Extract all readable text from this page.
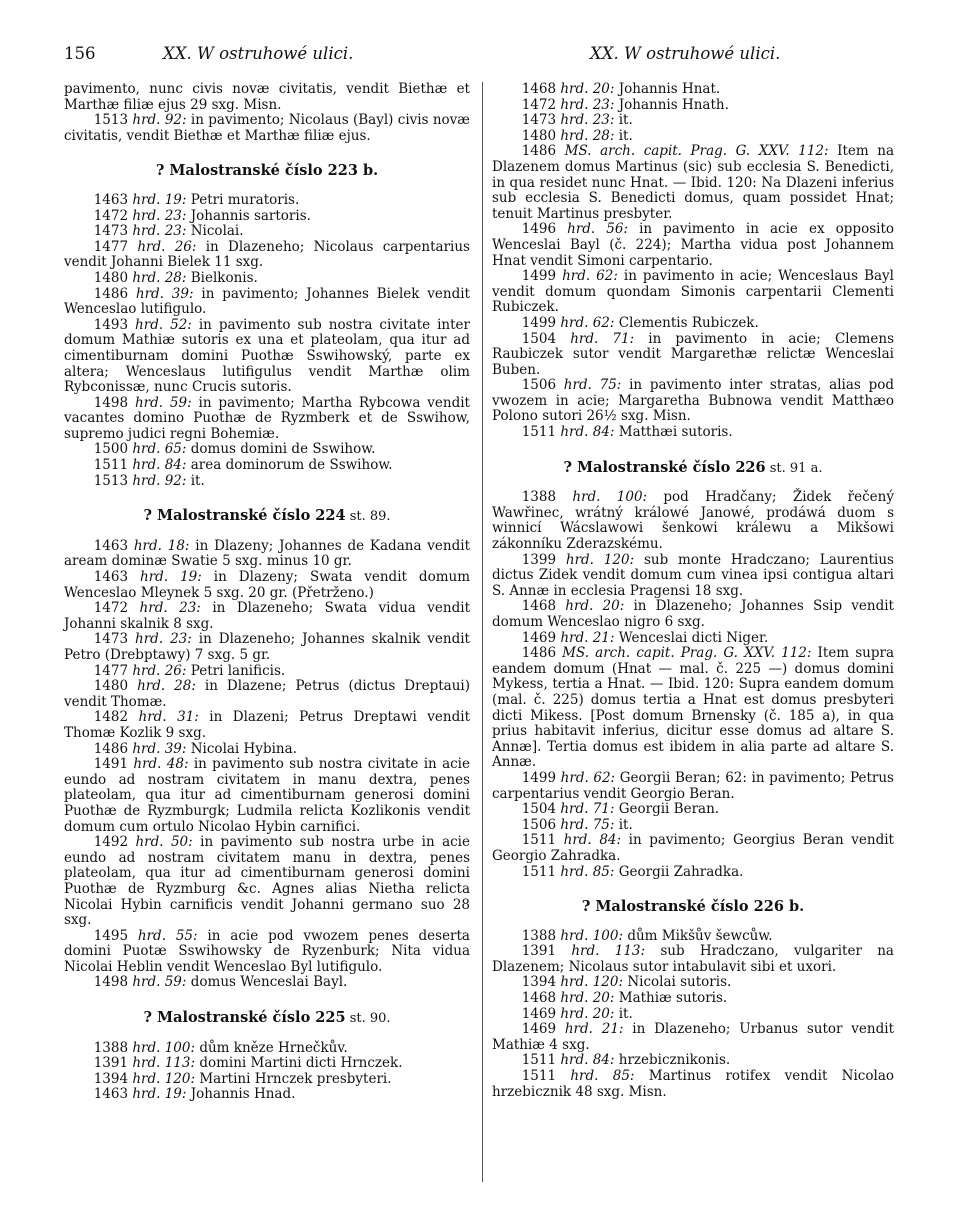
156	XX. W ostruhowé ulici.	XX. W ostruhowé ulici.

pavimento, nunc civis novæ civitatis, vendit Biethæ et Marthæ filiæ ejus 29 sxg. Misn.

1513 hrd. 92: in pavimento; Nicolaus (Bayl) civis novæ civitatis, vendit Biethæ et Marthæ filiæ ejus.

? Malostranské číslo 223 b.

1463 hrd. 19: Petri muratoris.

1472 hrd. 23: Johannis sartoris.

1473 hrd. 23: Nicolai.

1477 hrd. 26: in Dlazeneho; Nicolaus carpentarius vendit Johanni Bielek 11 sxg.

1480 hrd. 28: Bielkonis.

1486 hrd. 39: in pavimento; Johannes Bielek vendit Wenceslao lutifigulo.

1493 hrd. 52: in pavimento sub nostra civitate inter domum Mathiæ sutoris ex una et plateolam, qua itur ad cimentiburnam domini Puothæ Sswihowský, parte ex altera; Wenceslaus lutifigulus vendit Marthæ olim Rybconissæ, nunc Crucis sutoris.

1498 hrd. 59: in pavimento; Martha Rybcowa vendit vacantes domino Puothæ de Ryzmberk et de Sswihow, supremo judici regni Bohemiæ.

1500 hrd. 65: domus domini de Sswihow.

1511 hrd. 84: area dominorum de Sswihow.

1513 hrd. 92: it.

? Malostranské číslo 224 st. 89.

1463 hrd. 18: in Dlazeny; Johannes de Kadana vendit aream dominæ Swatie 5 sxg. minus 10 gr.

1463 hrd. 19: in Dlazeny; Swata vendit domum Wenceslao Mleynek 5 sxg. 20 gr. (Přetrženo.)

1472 hrd. 23: in Dlazeneho; Swata vidua vendit Johanni skalnik 8 sxg.

1473 hrd. 23: in Dlazeneho; Johannes skalnik vendit Petro (Drebptawy) 7 sxg. 5 gr.

1477 hrd. 26: Petri lanificis.

1480 hrd. 28: in Dlazene; Petrus (dictus Dreptaui) vendit Thomæ.

1482 hrd. 31: in Dlazeni; Petrus Dreptawi vendit Thomæ Kozlik 9 sxg.

1486 hrd. 39: Nicolai Hybina.

1491 hrd. 48: in pavimento sub nostra civitate in acie eundo ad nostram civitatem in manu dextra, penes plateolam, qua itur ad cimentiburnam generosi domini Puothæ de Ryzmburgk; Ludmila relicta Kozlikonis vendit domum cum ortulo Nicolao Hybin carnifici.

1492 hrd. 50: in pavimento sub nostra urbe in acie eundo ad nostram civitatem manu in dextra, penes plateolam, qua itur ad cimentiburnam generosi domini Puothæ de Ryzmburg &c. Agnes alias Nietha relicta Nicolai Hybin carnificis vendit Johanni germano suo 28 sxg.

1495 hrd. 55: in acie pod vwozem penes deserta domini Puotæ Sswihowsky de Ryzenburk; Nita vidua Nicolai Heblin vendit Wenceslao Byl lutifigulo.

1498 hrd. 59: domus Wenceslai Bayl.

? Malostranské číslo 225 st. 90.

1388 hrd. 100: dům kněze Hrnečkův.

1391 hrd. 113: domini Martini dicti Hrnczek.

1394 hrd. 120: Martini Hrnczek presbyteri.

1463 hrd. 19: Johannis Hnad.

1468 hrd. 20: Johannis Hnat.

1472 hrd. 23: Johannis Hnath.

1473 hrd. 23: it.

1480 hrd. 28: it.

1486 MS. arch. capit. Prag. G. XXV. 112: Item na Dlazenem domus Martinus (sic) sub ecclesia S. Benedicti, in qua residet nunc Hnat. — Ibid. 120: Na Dlazeni inferius sub ecclesia S. Benedicti domus, quam possidet Hnat; tenuit Martinus presbyter.

1496 hrd. 56: in pavimento in acie ex opposito Wenceslai Bayl (č. 224); Martha vidua post Johannem Hnat vendit Simoni carpentario.

1499 hrd. 62: in pavimento in acie; Wenceslaus Bayl vendit domum quondam Simonis carpentarii Clementi Rubiczek.

1499 hrd. 62: Clementis Rubiczek.

1504 hrd. 71: in pavimento in acie; Clemens Raubiczek sutor vendit Margarethæ relictæ Wenceslai Buben.

1506 hrd. 75: in pavimento inter stratas, alias pod vwozem in acie; Margaretha Bubnowa vendit Matthæo Polono sutori 26½ sxg. Misn.

1511 hrd. 84: Matthæi sutoris.

? Malostranské číslo 226 st. 91 a.

1388 hrd. 100: pod Hradčany; Židek řečený Wawřinec, wrátný králowé Janowé, prodáwá duom s winnicí Wácslawowi šenkowi králewu a Mikšowi zákonníku Zderazskému.

1399 hrd. 120: sub monte Hradczano; Laurentius dictus Zidek vendit domum cum vinea ipsi contigua altari S. Annæ in ecclesia Pragensi 18 sxg.

1468 hrd. 20: in Dlazeneho; Johannes Ssip vendit domum Wenceslao nigro 6 sxg.

1469 hrd. 21: Wenceslai dicti Niger.

1486 MS. arch. capit. Prag. G. XXV. 112: Item supra eandem domum (Hnat — mal. č. 225 —) domus domini Mykess, tertia a Hnat. — Ibid. 120: Supra eandem domum (mal. č. 225) domus tertia a Hnat est domus presbyteri dicti Mikess. [Post domum Brnensky (č. 185 a), in qua prius habitavit inferius, dicitur esse domus ad altare S. Annæ]. Tertia domus est ibidem in alia parte ad altare S. Annæ.

1499 hrd. 62: Georgii Beran; 62: in pavimento; Petrus carpentarius vendit Georgio Beran.

1504 hrd. 71: Georgii Beran.

1506 hrd. 75: it.

1511 hrd. 84: in pavimento; Georgius Beran vendit Georgio Zahradka.

1511 hrd. 85: Georgii Zahradka.

? Malostranské číslo 226 b.

1388 hrd. 100: dům Mikšův šewcůw.

1391 hrd. 113: sub Hradczano, vulgariter na Dlazenem; Nicolaus sutor intabulavit sibi et uxori.

1394 hrd. 120: Nicolai sutoris.

1468 hrd. 20: Mathiæ sutoris.

1469 hrd. 20: it.

1469 hrd. 21: in Dlazeneho; Urbanus sutor vendit Mathiæ 4 sxg.

1511 hrd. 84: hrzebicznikonis.

1511 hrd. 85: Martinus rotifex vendit Nicolao hrzebicznik 48 sxg. Misn.
